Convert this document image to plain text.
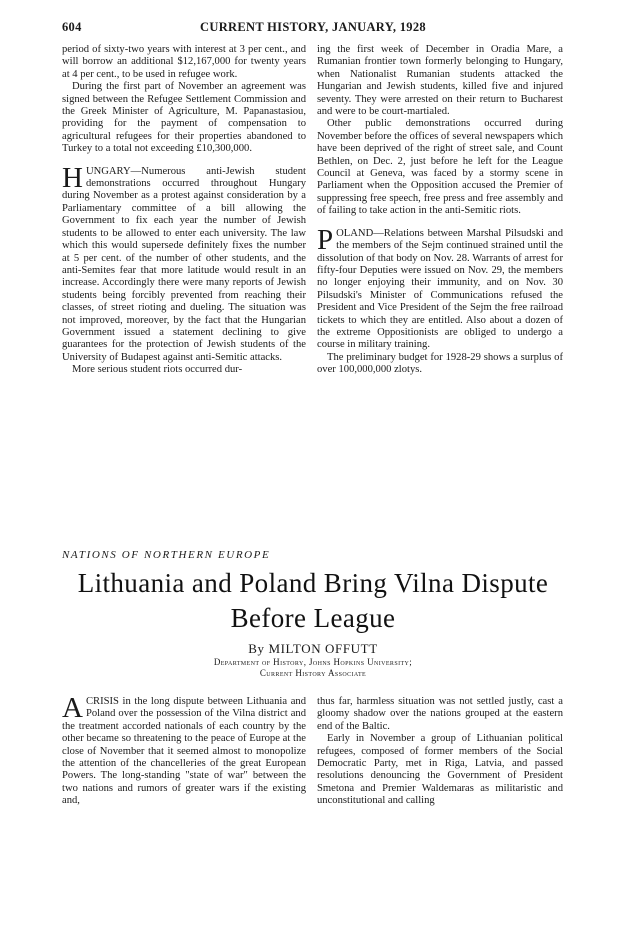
604	CURRENT HISTORY, JANUARY, 1928

period of sixty-two years with interest at 3 per cent., and will borrow an additional $12,167,000 for twenty years at 4 per cent., to be used in refugee work.

During the first part of November an agreement was signed between the Refugee Settlement Commission and the Greek Minister of Agriculture, M. Papanastasiou, providing for the payment of compensation to agricultural refugees for their properties abandoned to Turkey to a total not exceeding £10,300,000.

HUNGARY—Numerous anti-Jewish student demonstrations occurred throughout Hungary during November as a protest against consideration by a Parliamentary committee of a bill allowing the Government to fix each year the number of Jewish students to be allowed to enter each university. The law which this would supersede definitely fixes the number at 5 per cent. of the number of other students, and the anti-Semites fear that more latitude would result in an increase. Accordingly there were many reports of Jewish students being forcibly prevented from reaching their classes, of street rioting and dueling. The situation was not improved, moreover, by the fact that the Hungarian Government issued a statement declining to give guarantees for the protection of Jewish students of the University of Budapest against anti-Semitic attacks.

More serious student riots occurred dur-

ing the first week of December in Oradia Mare, a Rumanian frontier town formerly belonging to Hungary, when Nationalist Rumanian students attacked the Hungarian and Jewish students, killed five and injured seventy. They were arrested on their return to Bucharest and were to be court-martialed.

Other public demonstrations occurred during November before the offices of several newspapers which have been deprived of the right of street sale, and Count Bethlen, on Dec. 2, just before he left for the League Council at Geneva, was faced by a stormy scene in Parliament when the Opposition accused the Premier of suppressing free speech, free press and free assembly and of failing to take action in the anti-Semitic riots.

POLAND—Relations between Marshal Pilsudski and the members of the Sejm continued strained until the dissolution of that body on Nov. 28. Warrants of arrest for fifty-four Deputies were issued on Nov. 29, the members no longer enjoying their immunity, and on Nov. 30 Pilsudski's Minister of Communications refused the President and Vice President of the Sejm the free railroad tickets to which they are entitled. Also about a dozen of the extreme Oppositionists are obliged to undergo a course in military training.

The preliminary budget for 1928-29 shows a surplus of over 100,000,000 zlotys.

NATIONS OF NORTHERN EUROPE
Lithuania and Poland Bring Vilna Dispute
Before League
By MILTON OFFUTT
Department of History, Johns Hopkins University;
Current History Associate

ACRISIS in the long dispute between Lithuania and Poland over the possession of the Vilna district and the treatment accorded nationals of each country by the other became so threatening to the peace of Europe at the close of November that it seemed almost to monopolize the attention of the chancelleries of the great European Powers. The long-standing "state of war" between the two nations and rumors of greater wars if the existing and,

thus far, harmless situation was not settled justly, cast a gloomy shadow over the nations grouped at the eastern end of the Baltic.

Early in November a group of Lithuanian political refugees, composed of former members of the Social Democratic Party, met in Riga, Latvia, and passed resolutions denouncing the Government of President Smetona and Premier Waldemaras as militaristic and unconstitutional and calling
